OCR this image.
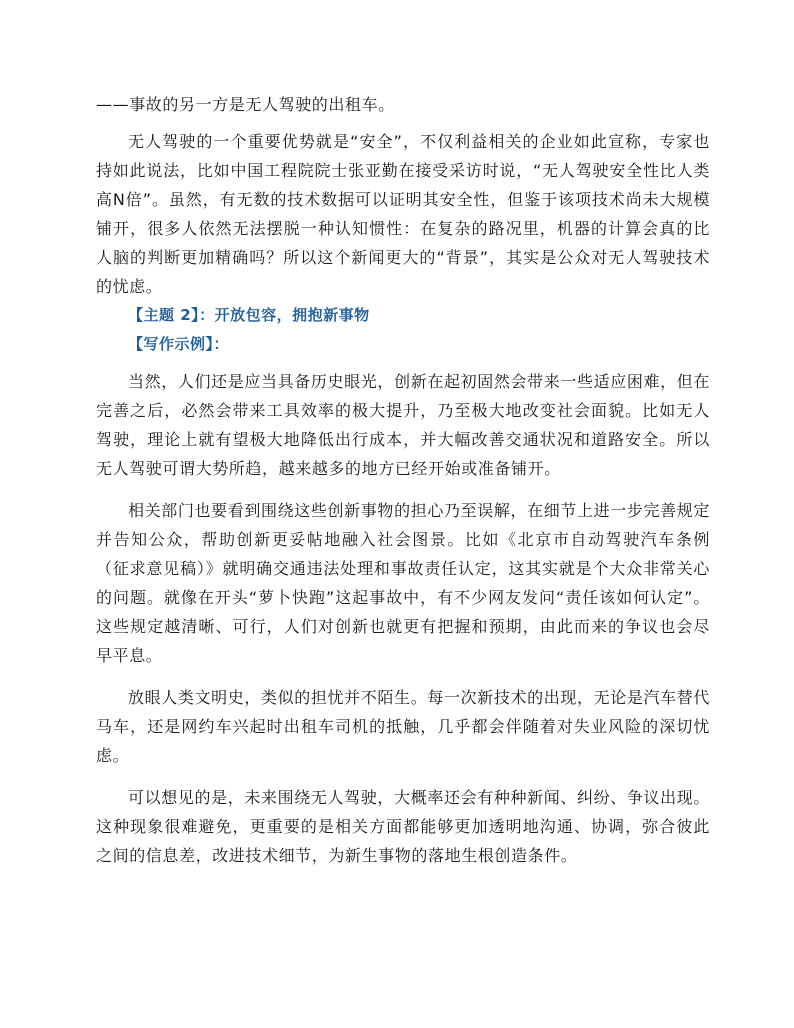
——事故的另一方是无人驾驶的出租车。

无人驾驶的一个重要优势就是“安全”，不仅利益相关的企业如此宣称，专家也持如此说法，比如中国工程院院士张亚勤在接受采访时说，“无人驾驶安全性比人类高N倍”。虽然，有无数的技术数据可以证明其安全性，但鉴于该项技术尚未大规模铺开，很多人依然无法摆脱一种认知惯性：在复杂的路况里，机器的计算会真的比人脑的判断更加精确吗？所以这个新闻更大的“背景”，其实是公众对无人驾驶技术的忧虑。

【主题 2】：开放包容，拥抱新事物

【写作示例】：

当然，人们还是应当具备历史眼光，创新在起初固然会带来一些适应困难，但在完善之后，必然会带来工具效率的极大提升，乃至极大地改变社会面貌。比如无人驾驶，理论上就有望极大地降低出行成本，并大幅改善交通状况和道路安全。所以无人驾驶可谓大势所趋，越来越多的地方已经开始或准备铺开。

相关部门也要看到围绕这些创新事物的担心乃至误解，在细节上进一步完善规定并告知公众，帮助创新更妥帖地融入社会图景。比如《北京市自动驾驶汽车条例（征求意见稿）》就明确交通违法处理和事故责任认定，这其实就是个大众非常关心的问题。就像在开头“萝卜快跑”这起事故中，有不少网友发问“责任该如何认定”。这些规定越清晰、可行，人们对创新也就更有把握和预期，由此而来的争议也会尽早平息。

放眼人类文明史，类似的担忧并不陌生。每一次新技术的出现，无论是汽车替代马车，还是网约车兴起时出租车司机的抵触，几乎都会伴随着对失业风险的深切忧虑。

可以想见的是，未来围绕无人驾驶，大概率还会有种种新闻、纠纷、争议出现。这种现象很难避免，更重要的是相关方面都能够更加透明地沟通、协调，弥合彼此之间的信息差，改进技术细节，为新生事物的落地生根创造条件。
